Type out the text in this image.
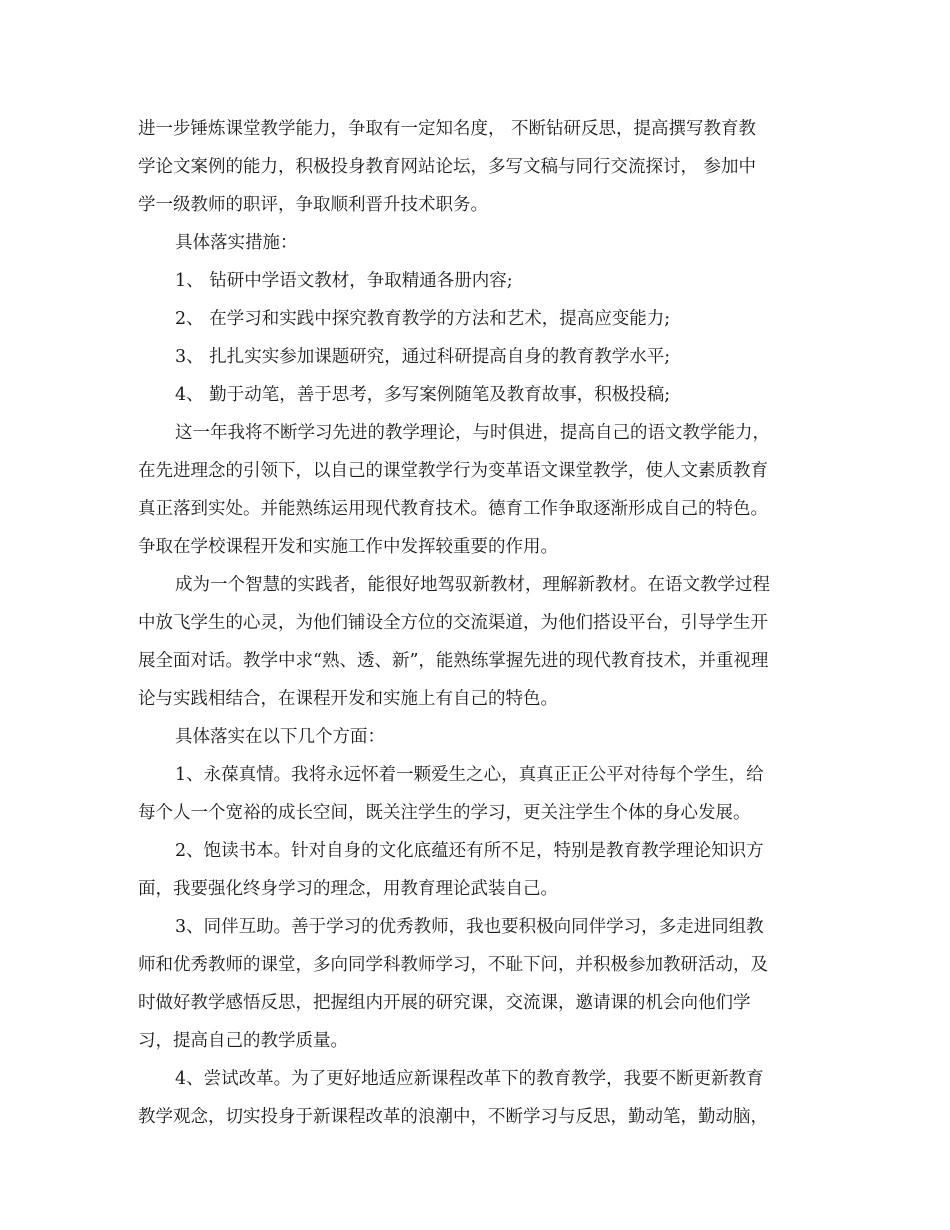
进一步锤炼课堂教学能力，争取有一定知名度， 不断钻研反思，提高撰写教育教
学论文案例的能力，积极投身教育网站论坛，多写文稿与同行交流探讨， 参加中
学一级教师的职评，争取顺利晋升技术职务。
具体落实措施：
1、 钻研中学语文教材，争取精通各册内容;
2、 在学习和实践中探究教育教学的方法和艺术，提高应变能力;
3、 扎扎实实参加课题研究，通过科研提高自身的教育教学水平;
4、 勤于动笔，善于思考，多写案例随笔及教育故事，积极投稿;
这一年我将不断学习先进的教学理论，与时俱进，提高自己的语文教学能力，
在先进理念的引领下，以自己的课堂教学行为变革语文课堂教学，使人文素质教育
真正落到实处。并能熟练运用现代教育技术。德育工作争取逐渐形成自己的特色。
争取在学校课程开发和实施工作中发挥较重要的作用。
成为一个智慧的实践者，能很好地驾驭新教材，理解新教材。在语文教学过程
中放飞学生的心灵，为他们铺设全方位的交流渠道，为他们搭设平台，引导学生开
展全面对话。教学中求“熟、透、新”，能熟练掌握先进的现代教育技术，并重视理
论与实践相结合，在课程开发和实施上有自己的特色。
具体落实在以下几个方面：
1、永葆真情。我将永远怀着一颗爱生之心，真真正正公平对待每个学生，给
每个人一个宽裕的成长空间，既关注学生的学习，更关注学生个体的身心发展。
2、饱读书本。针对自身的文化底蕴还有所不足，特别是教育教学理论知识方
面，我要强化终身学习的理念，用教育理论武装自己。
3、同伴互助。善于学习的优秀教师，我也要积极向同伴学习，多走进同组教
师和优秀教师的课堂，多向同学科教师学习，不耻下问，并积极参加教研活动，及
时做好教学感悟反思，把握组内开展的研究课，交流课，邀请课的机会向他们学
习，提高自己的教学质量。
4、尝试改革。为了更好地适应新课程改革下的教育教学，我要不断更新教育
教学观念，切实投身于新课程改革的浪潮中，不断学习与反思，勤动笔，勤动脑，
